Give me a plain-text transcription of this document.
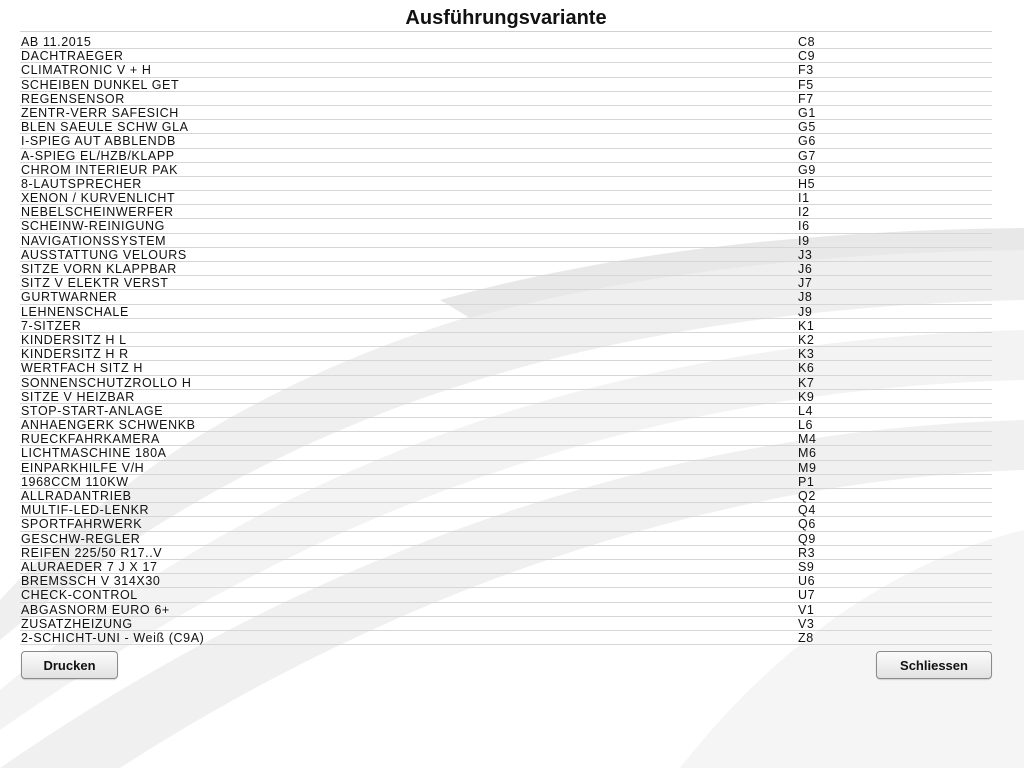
Ausführungsvariante
AB 11.2015	C8
DACHTRAEGER	C9
CLIMATRONIC V + H	F3
SCHEIBEN DUNKEL GET	F5
REGENSENSOR	F7
ZENTR-VERR SAFESICH	G1
BLEN SAEULE SCHW GLA	G5
I-SPIEG AUT ABBLENDB	G6
A-SPIEG EL/HZB/KLAPP	G7
CHROM INTERIEUR PAK	G9
8-LAUTSPRECHER	H5
XENON / KURVENLICHT	I1
NEBELSCHEINWERFER	I2
SCHEINW-REINIGUNG	I6
NAVIGATIONSSYSTEM	I9
AUSSTATTUNG VELOURS	J3
SITZE VORN KLAPPBAR	J6
SITZ V ELEKTR VERST	J7
GURTWARNER	J8
LEHNENSCHALE	J9
7-SITZER	K1
KINDERSITZ H L	K2
KINDERSITZ H R	K3
WERTFACH SITZ H	K6
SONNENSCHUTZROLLO H	K7
SITZE V HEIZBAR	K9
STOP-START-ANLAGE	L4
ANHAENGERK SCHWENKB	L6
RUECKFAHRKAMERA	M4
LICHTMASCHINE 180A	M6
EINPARKHILFE V/H	M9
1968CCM 110KW	P1
ALLRADANTRIEB	Q2
MULTIF-LED-LENKR	Q4
SPORTFAHRWERK	Q6
GESCHW-REGLER	Q9
REIFEN 225/50 R17..V	R3
ALURAEDER 7 J X 17	S9
BREMSSCH V 314X30	U6
CHECK-CONTROL	U7
ABGASNORM EURO 6+	V1
ZUSATZHEIZUNG	V3
2-SCHICHT-UNI - Weiß (C9A)	Z8
Drucken	Schliessen
